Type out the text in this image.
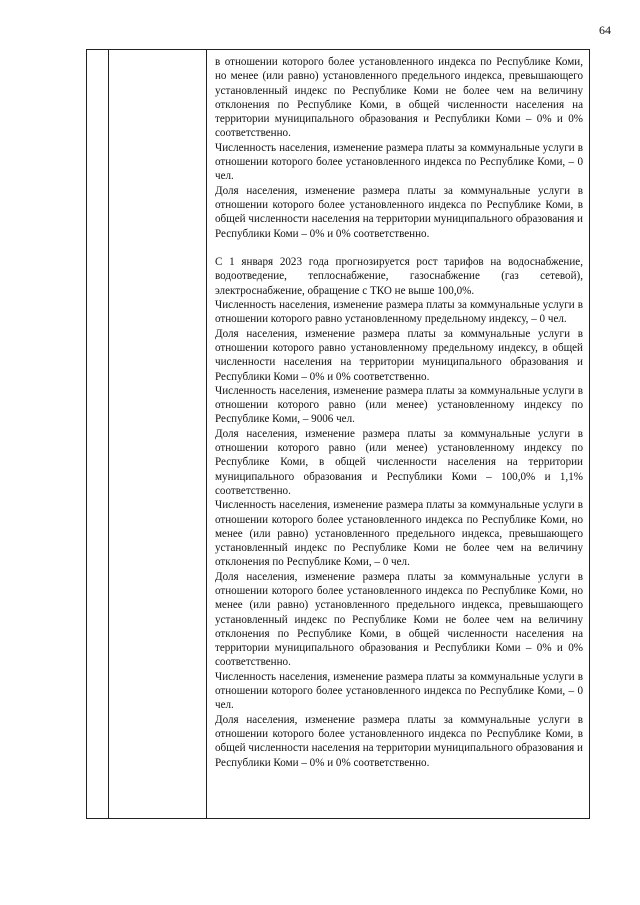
64

в отношении которого более установленного индекса по Республике Коми, но менее (или равно) установленного предельного индекса, превышающего установленный индекс по Республике Коми не более чем на величину отклонения по Республике Коми, в общей численности населения на территории муниципального образования и Республики Коми – 0% и 0% соответственно.

Численность населения, изменение размера платы за коммунальные услуги в отношении которого более установленного индекса по Республике Коми, – 0 чел.

Доля населения, изменение размера платы за коммунальные услуги в отношении которого более установленного индекса по Республике Коми, в общей численности населения на территории муниципального образования и Республики Коми – 0% и 0% соответственно.

С 1 января 2023 года прогнозируется рост тарифов на водоснабжение, водоотведение, теплоснабжение, газоснабжение (газ сетевой), электроснабжение, обращение с ТКО не выше 100,0%.

Численность населения, изменение размера платы за коммунальные услуги в отношении которого равно установленному предельному индексу, – 0 чел.

Доля населения, изменение размера платы за коммунальные услуги в отношении которого равно установленному предельному индексу, в общей численности населения на территории муниципального образования и Республики Коми – 0% и 0% соответственно.

Численность населения, изменение размера платы за коммунальные услуги в отношении которого равно (или менее) установленному индексу по Республике Коми, – 9006 чел.

Доля населения, изменение размера платы за коммунальные услуги в отношении которого равно (или менее) установленному индексу по Республике Коми, в общей численности населения на территории муниципального образования и Республики Коми – 100,0% и 1,1% соответственно.

Численность населения, изменение размера платы за коммунальные услуги в отношении которого более установленного индекса по Республике Коми, но менее (или равно) установленного предельного индекса, превышающего установленный индекс по Республике Коми не более чем на величину отклонения по Республике Коми, – 0 чел.

Доля населения, изменение размера платы за коммунальные услуги в отношении которого более установленного индекса по Республике Коми, но менее (или равно) установленного предельного индекса, превышающего установленный индекс по Республике Коми не более чем на величину отклонения по Республике Коми, в общей численности населения на территории муниципального образования и Республики Коми – 0% и 0% соответственно.

Численность населения, изменение размера платы за коммунальные услуги в отношении которого более установленного индекса по Республике Коми, – 0 чел.

Доля населения, изменение размера платы за коммунальные услуги в отношении которого более установленного индекса по Республике Коми, в общей численности населения на территории муниципального образования и Республики Коми – 0% и 0% соответственно.
